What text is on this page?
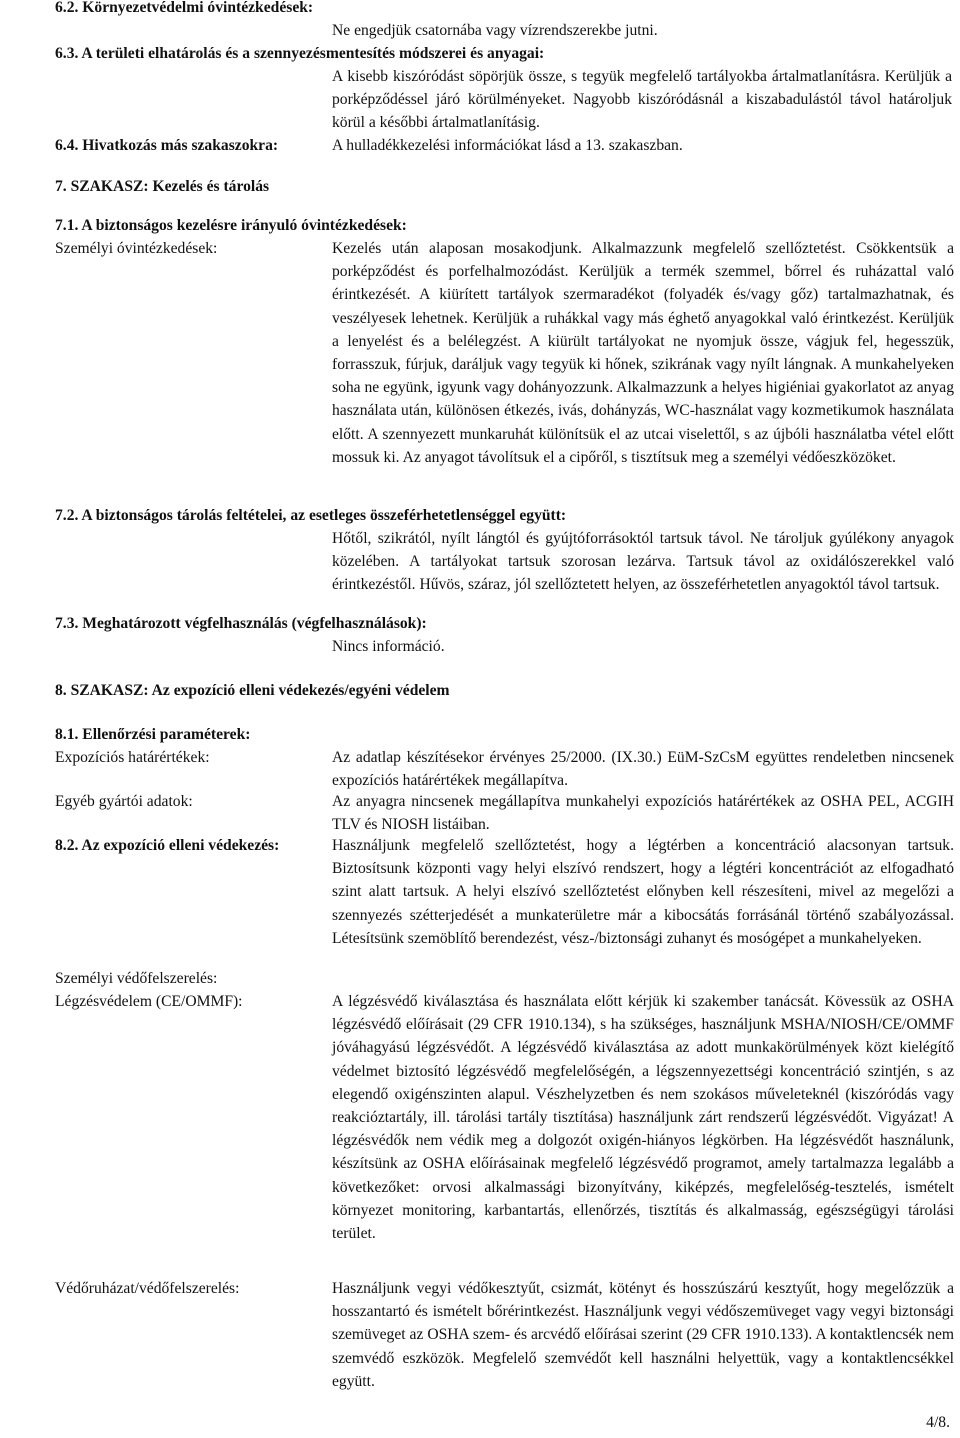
6.2. Környezetvédelmi óvintézkedések:
Ne engedjük csatornába vagy vízrendszerekbe jutni.
6.3. A területi elhatárolás és a szennyezésmentesítés módszerei és anyagai:
A kisebb kiszóródást söpörjük össze, s tegyük megfelelő tartályokba ártalmatlanításra. Kerüljük a porképződéssel járó körülményeket. Nagyobb kiszóródásnál a kiszabadulástól távol határoljuk körül a későbbi ártalmatlanításig.
6.4. Hivatkozás más szakaszokra:	A hulladékkezelési információkat lásd a 13. szakaszban.
7. SZAKASZ: Kezelés és tárolás
7.1. A biztonságos kezelésre irányuló óvintézkedések:
Személyi óvintézkedések:	Kezelés után alaposan mosakodjunk. Alkalmazzunk megfelelő szellőztetést. Csökkentsük a porképződést és porfelhalmozódást. Kerüljük a termék szemmel, bőrrel és ruházattal való érintkezését. A kiürített tartályok szermaradékot (folyadék és/vagy gőz) tartalmazhatnak, és veszélyesek lehetnek. Kerüljük a ruhákkal vagy más éghető anyagokkal való érintkezést. Kerüljük a lenyelést és a belélegzést. A kiürült tartályokat ne nyomjuk össze, vágjuk fel, hegesszük, forrasszuk, fúrjuk, daráljuk vagy tegyük ki hőnek, szikrának vagy nyílt lángnak. A munkahelyeken soha ne együnk, igyunk vagy dohányozzunk. Alkalmazzunk a helyes higiéniai gyakorlatot az anyag használata után, különösen étkezés, ivás, dohányzás, WC-használat vagy kozmetikumok használata előtt. A szennyezett munkaruhát különítsük el az utcai viselettől, s az újbóli használatba vétel előtt mossuk ki. Az anyagot távolítsuk el a cipőről, s tisztítsuk meg a személyi védőeszközöket.
7.2. A biztonságos tárolás feltételei, az esetleges összeférhetetlenséggel együtt:
Hőtől, szikrától, nyílt lángtól és gyújtóforrásoktól tartsuk távol. Ne tároljuk gyúlékony anyagok közelében. A tartályokat tartsuk szorosan lezárva. Tartsuk távol az oxidálószerekkel való érintkezéstől. Hűvös, száraz, jól szellőztetett helyen, az összeférhetetlen anyagoktól távol tartsuk.
7.3. Meghatározott végfelhasználás (végfelhasználások):
Nincs információ.
8. SZAKASZ: Az expozíció elleni védekezés/egyéni védelem
8.1. Ellenőrzési paraméterek:
Expozíciós határértékek:	Az adatlap készítésekor érvényes 25/2000. (IX.30.) EüM-SzCsM együttes rendeletben nincsenek expozíciós határértékek megállapítva.
Egyéb gyártói adatok:	Az anyagra nincsenek megállapítva munkahelyi expozíciós határértékek az OSHA PEL, ACGIH TLV és NIOSH listáiban.
8.2. Az expozíció elleni védekezés:	Használjunk megfelelő szellőztetést, hogy a légtérben a koncentráció alacsonyan tartsuk. Biztosítsunk központi vagy helyi elszívó rendszert, hogy a légtéri koncentrációt az elfogadható szint alatt tartsuk. A helyi elszívó szellőztetést előnyben kell részesíteni, mivel az megelőzi a szennyezés szétterjedését a munkaterületre már a kibocsátás forrásánál történő szabályozással. Létesítsünk szemöblítő berendezést, vész-/biztonsági zuhanyt és mosógépet a munkahelyeken.
Személyi védőfelszerelés:
Légzésvédelem (CE/OMMF):	A légzésvédő kiválasztása és használata előtt kérjük ki szakember tanácsát. Kövessük az OSHA légzésvédő előírásait (29 CFR 1910.134), s ha szükséges, használjunk MSHA/NIOSH/CE/OMMF jóváhagyású légzésvédőt. A légzésvédő kiválasztása az adott munkakörülmények közt kielégítő védelmet biztosító légzésvédő megfelelőségén, a légszennyezettségi koncentráció szintjén, s az elegendő oxigénszinten alapul. Vészhelyzetben és nem szokásos műveleteknél (kiszóródás vagy reakcióztartály, ill. tárolási tartály tisztítása) használjunk zárt rendszerű légzésvédőt. Vigyázat! A légzésvédők nem védik meg a dolgozót oxigén-hiányos légkörben. Ha légzésvédőt használunk, készítsünk az OSHA előírásainak megfelelő légzésvédő programot, amely tartalmazza legalább a következőket: orvosi alkalmassági bizonyítvány, kiképzés, megfelelőség-tesztelés, ismételt környezet monitoring, karbantartás, ellenőrzés, tisztítás és alkalmasság, egészségügyi tárolási terület.
Védőruházat/védőfelszerelés:	Használjunk vegyi védőkesztyűt, csizmát, kötényt és hosszúszárú kesztyűt, hogy megelőzzük a hosszantartó és ismételt bőrérintkezést. Használjunk vegyi védőszemüveget vagy vegyi biztonsági szemüveget az OSHA szem- és arcvédő előírásai szerint (29 CFR 1910.133). A kontaktlencsék nem szemvédő eszközök. Megfelelő szemvédőt kell használni helyettük, vagy a kontaktlencsékkel együtt.
4/8.
